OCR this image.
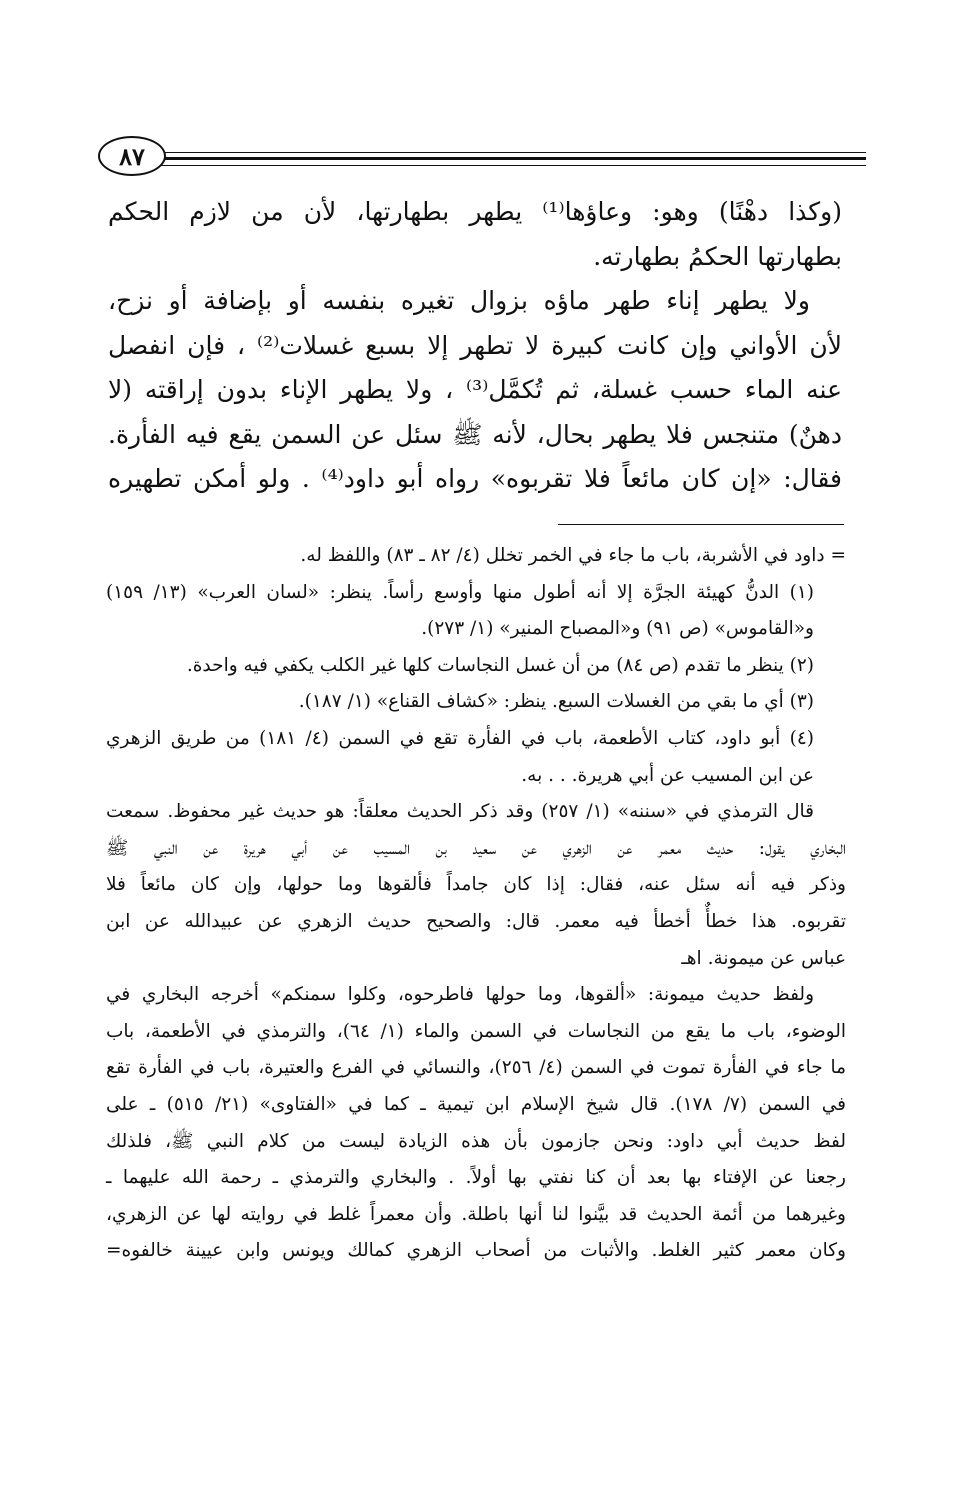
٨٧
(وكذا دهْنًا) وهو: وعاؤها⁽¹⁾ يطهر بطهارتها، لأن من لازم الحكم
بطهارتها الحكمُ بطهارته.
ولا يطهر إناء طهر ماؤه بزوال تغيره بنفسه أو بإضافة أو نزح،
لأن الأواني وإن كانت كبيرة لا تطهر إلا بسبع غسلات⁽²⁾ ، فإن انفصل
عنه الماء حسب غسلة، ثم تُكمَّل⁽³⁾ ، ولا يطهر الإناء بدون إراقته (لا
دهنٌ) متنجس فلا يطهر بحال، لأنه ﷺ سئل عن السمن يقع فيه الفأرة.
فقال: «إن كان مائعاً فلا تقربوه» رواه أبو داود⁽⁴⁾ . ولو أمكن تطهيره
= داود في الأشربة، باب ما جاء في الخمر تخلل (٤/ ٨٢ ـ ٨٣) واللفظ له.
(١) الدنُّ كهيئة الجرَّة إلا أنه أطول منها وأوسع رأساً. ينظر: «لسان العرب» (١٣/ ١٥٩)
و«القاموس» (ص ٩١) و«المصباح المنير» (١/ ٢٧٣).
(٢) ينظر ما تقدم (ص ٨٤) من أن غسل النجاسات كلها غير الكلب يكفي فيه واحدة.
(٣) أي ما بقي من الغسلات السبع. ينظر: «كشاف القناع» (١/ ١٨٧).
(٤) أبو داود، كتاب الأطعمة، باب في الفأرة تقع في السمن (٤/ ١٨١) من طريق الزهري
عن ابن المسيب عن أبي هريرة. . . به.
قال الترمذي في «سننه» (١/ ٢٥٧) وقد ذكر الحديث معلقاً: هو حديث غير محفوظ. سمعت
البخاري يقول: حديث معمر عن الزهري عن سعيد بن المسيب عن أبي هريرة عن النبي ﷺ
وذكر فيه أنه سئل عنه، فقال: إذا كان جامداً فألقوها وما حولها، وإن كان مائعاً فلا
تقربوه. هذا خطأٌ أخطأ فيه معمر. قال: والصحيح حديث الزهري عن عبيدالله عن ابن
عباس عن ميمونة. اهـ
ولفظ حديث ميمونة: «ألقوها، وما حولها فاطرحوه، وكلوا سمنكم» أخرجه البخاري في
الوضوء، باب ما يقع من النجاسات في السمن والماء (١/ ٦٤)، والترمذي في الأطعمة، باب
ما جاء في الفأرة تموت في السمن (٤/ ٢٥٦)، والنسائي في الفرع والعتيرة، باب في الفأرة تقع
في السمن (٧/ ١٧٨). قال شيخ الإسلام ابن تيمية ـ كما في «الفتاوى» (٢١/ ٥١٥) ـ على
لفظ حديث أبي داود: ونحن جازمون بأن هذه الزيادة ليست من كلام النبي ﷺ، فلذلك
رجعنا عن الإفتاء بها بعد أن كنا نفتي بها أولاً. . والبخاري والترمذي ـ رحمة الله عليهما ـ
وغيرهما من أئمة الحديث قد بيَّنوا لنا أنها باطلة. وأن معمراً غلط في روايته لها عن الزهري،
وكان معمر كثير الغلط. والأثبات من أصحاب الزهري كمالك ويونس وابن عيينة خالفوه=
